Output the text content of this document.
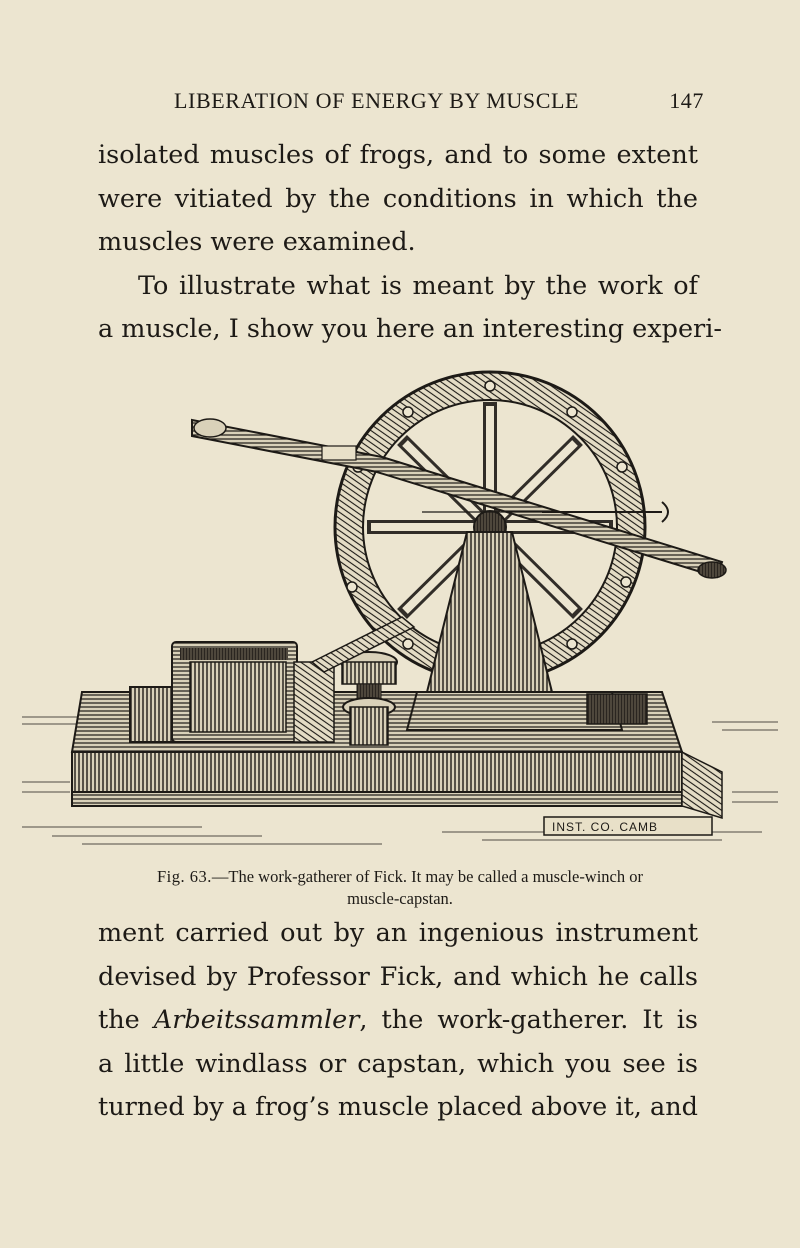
LIBERATION OF ENERGY BY MUSCLE	147
isolated muscles of frogs, and to some extent
were vitiated by the conditions in which the
muscles were examined.
To illustrate what is meant by the work of
a muscle, I show you here an interesting experi-
INST. CO. CAMB
Fig. 63.—The work-gatherer of Fick. It may be called a muscle-winch or muscle-capstan.
ment carried out by an ingenious instrument
devised by Professor Fick, and which he calls
the Arbeitssammler, the work-gatherer. It is
a little windlass or capstan, which you see is
turned by a frog’s muscle placed above it, and
